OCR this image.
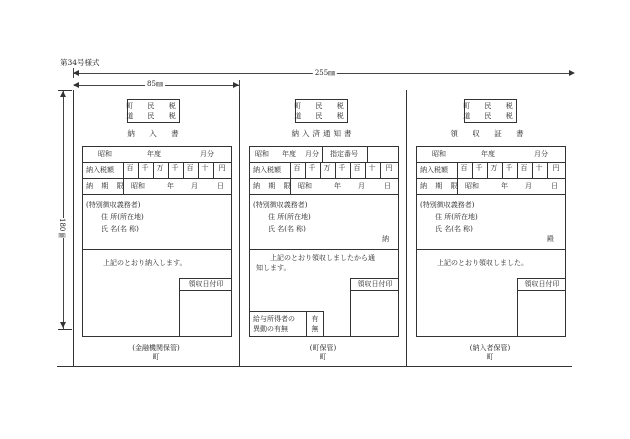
第34号様式
255㎜
85㎜
180㎜
町 民 税
道 民 税
納 入 書
昭和	年度	月分
納入税額 百 千 万 千 百 十 円
納 期 限 昭和	年 月	日
(特別徴収義務者)
住 所(所在地)
氏 名(名 称)
上記のとおり納入します。
領収日付印
(金融機関保管)
町
町 民 税
道 民 税
納入済通知書
昭和 年度 月分 指定番号
納入税額 百 千 万 千 百 十 円
納 期 限 昭和	年 月	日
(特別徴収義務者)
住 所(所在地)
氏 名(名 称)
納
上記のとおり領収しましたから通
知します。
領収日付印
給与所得者の
異動の有無
有
無
(町保管)
町
町 民 税
道 民 税
領 収 証 書
昭和	年度	月分
納入税額 百 千 万 千 百 十 円
納 期 限 昭和	年 月	日
(特別徴収義務者)
住 所(所在地)
氏 名(名 称)
殿
上記のとおり領収しました。
領収日付印
(納入者保管)
町
